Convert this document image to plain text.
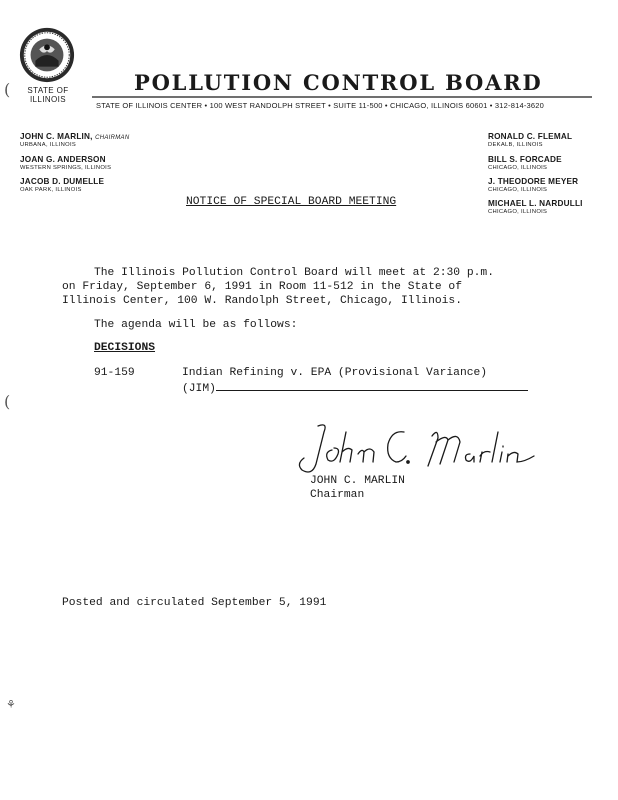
(
(
⚘
STATE OF ILLINOIS
POLLUTION CONTROL BOARD
STATE OF ILLINOIS CENTER • 100 WEST RANDOLPH STREET • SUITE 11-500 • CHICAGO, ILLINOIS 60601 • 312-814-3620
JOHN C. MARLIN, CHAIRMAN
URBANA, ILLINOIS
JOAN G. ANDERSON
WESTERN SPRINGS, ILLINOIS
JACOB D. DUMELLE
OAK PARK, ILLINOIS
RONALD C. FLEMAL
DEKALB, ILLINOIS
BILL S. FORCADE
CHICAGO, ILLINOIS
J. THEODORE MEYER
CHICAGO, ILLINOIS
MICHAEL L. NARDULLI
CHICAGO, ILLINOIS
NOTICE OF SPECIAL BOARD MEETING
The Illinois Pollution Control Board will meet at 2:30 p.m.
on Friday, September 6, 1991 in Room 11-512 in the State of
Illinois Center, 100 W. Randolph Street, Chicago, Illinois.
The agenda will be as follows:
DECISIONS
91-159	Indian Refining v. EPA (Provisional Variance)
(JIM)
JOHN C. MARLIN
Chairman
Posted and circulated September 5, 1991
